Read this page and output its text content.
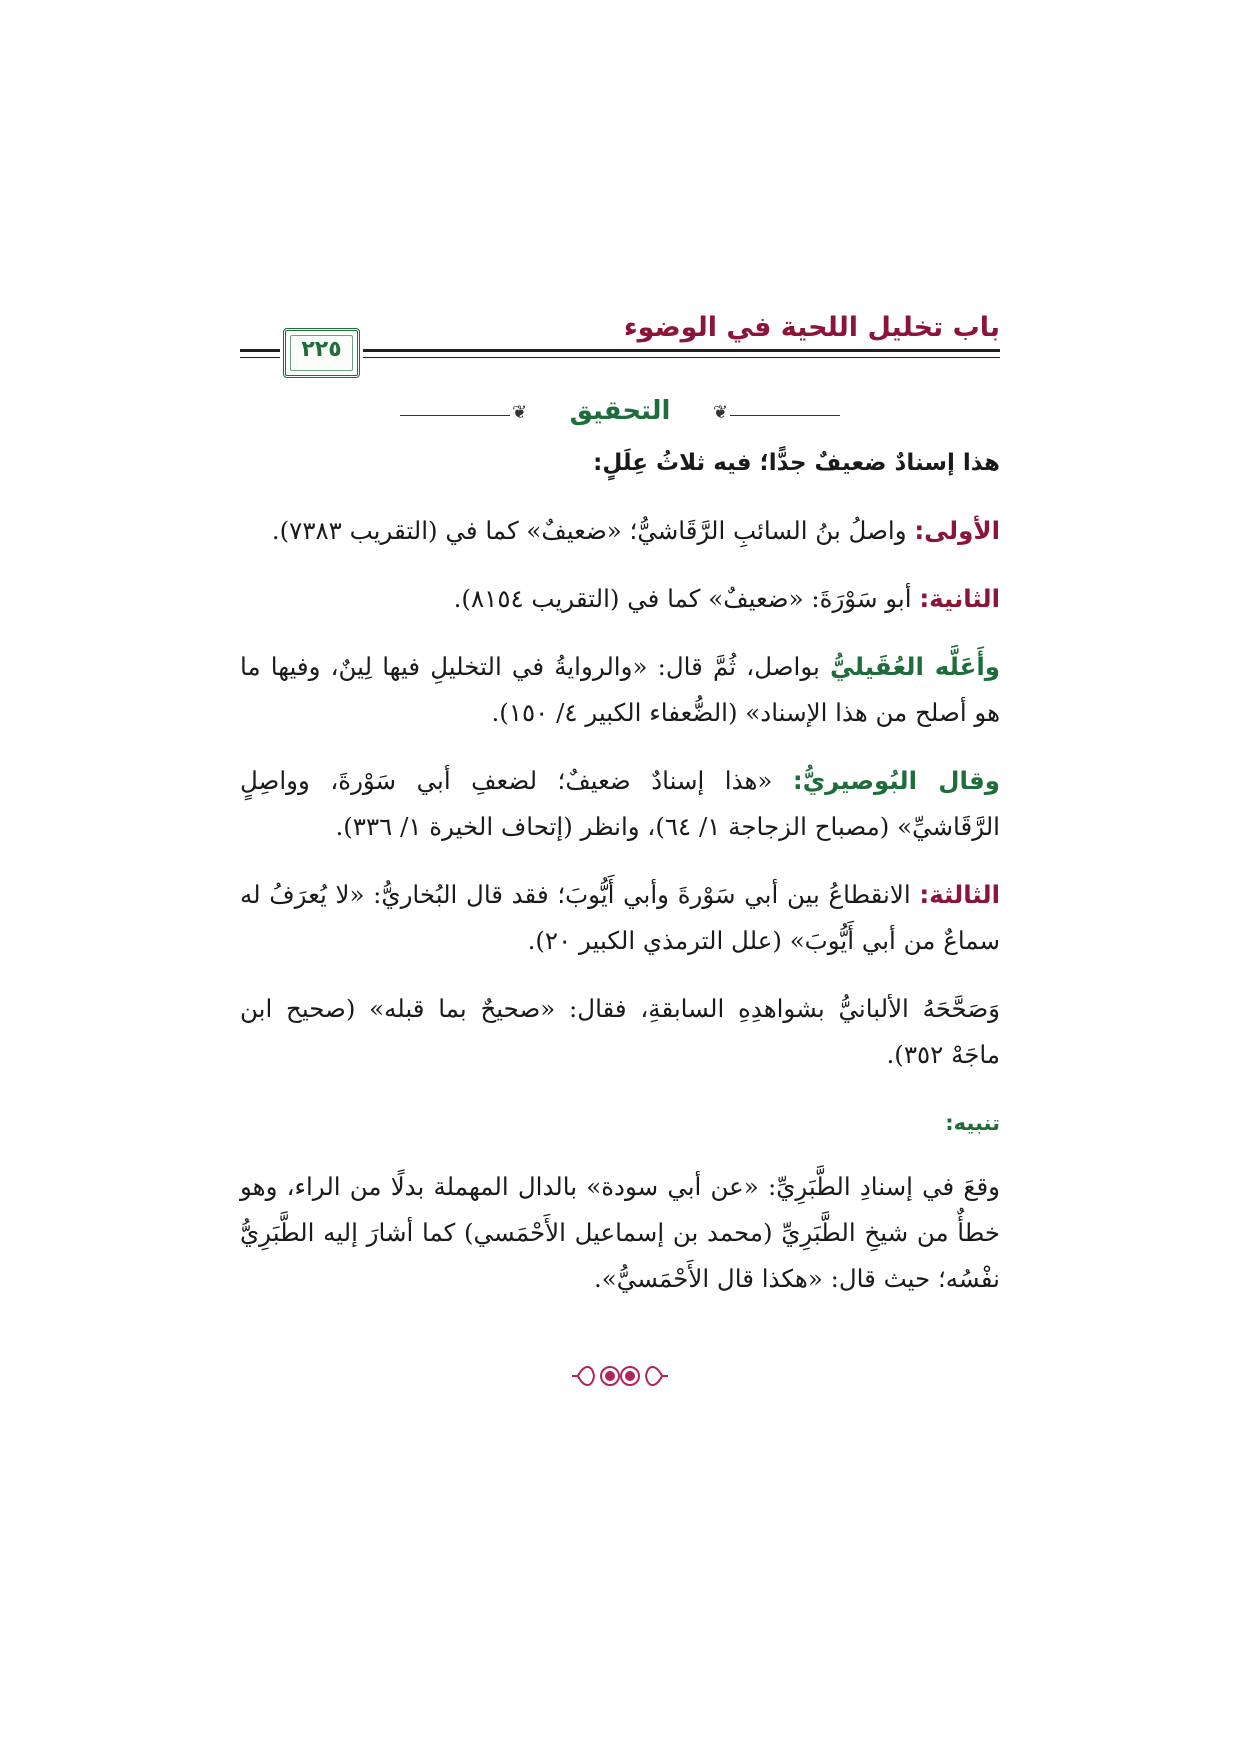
باب تخليل اللحية في الوضوء
٢٢٥
❦	❦
التحقيق

هذا إسنادٌ ضعيفٌ جدًّا؛ فيه ثلاثُ عِلَلٍ:

الأولى: واصلُ بنُ السائبِ الرَّقَاشيُّ؛ «ضعيفٌ» كما في (التقريب ٧٣٨٣).

الثانية: أبو سَوْرَةَ: «ضعيفٌ» كما في (التقريب ٨١٥٤).

وأَعَلَّه العُقَيليُّ بواصل، ثُمَّ قال: «والروايةُ في التخليلِ فيها لِينٌ، وفيها ما هو أصلح من هذا الإسناد» (الضُّعفاء الكبير ٤/ ١٥٠).

وقال البُوصيريُّ: «هذا إسنادٌ ضعيفٌ؛ لضعفِ أبي سَوْرةَ، وواصِلٍ الرَّقَاشيِّ» (مصباح الزجاجة ١/ ٦٤)، وانظر (إتحاف الخيرة ١/ ٣٣٦).

الثالثة: الانقطاعُ بين أبي سَوْرةَ وأبي أَيُّوبَ؛ فقد قال البُخاريُّ: «لا يُعرَفُ له سماعٌ من أبي أَيُّوبَ» (علل الترمذي الكبير ٢٠).

وَصَحَّحَهُ الألبانيُّ بشواهدِهِ السابقةِ، فقال: «صحيحٌ بما قبله» (صحيح ابن ماجَهْ ٣٥٢).

تنبيه:

وقعَ في إسنادِ الطَّبَرِيِّ: «عن أبي سودة» بالدال المهملة بدلًا من الراء، وهو خطأٌ من شيخِ الطَّبَرِيِّ (محمد بن إسماعيل الأَحْمَسي) كما أشارَ إليه الطَّبَرِيُّ نفْسُه؛ حيث قال: «هكذا قال الأَحْمَسيُّ».
